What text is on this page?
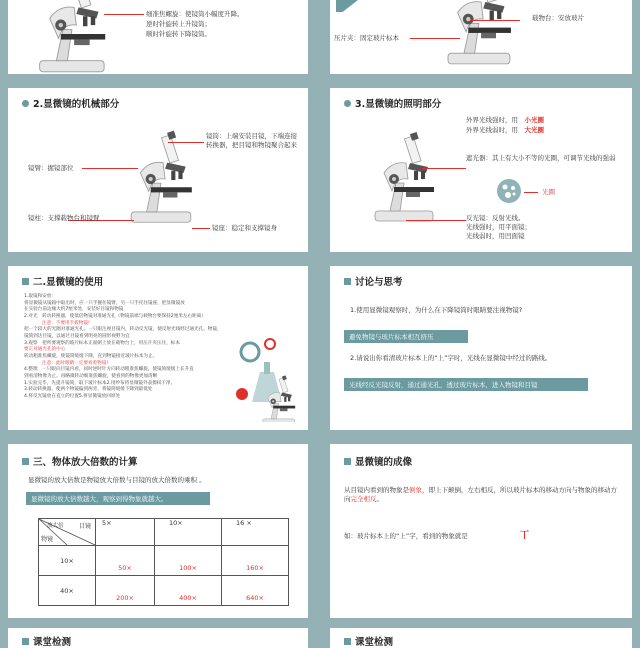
细准焦螺旋：使镜筒小幅度升降。
逆时针旋转上升镜筒；
顺时针旋转下降镜筒。
载物台：安放玻片
压片夹：固定玻片标本
2.显微镜的机械部分
镜筒：上端安装目镜，下端连接转换器，把目镜和物镜聚合起来
镜臂：握镜部位
镜柱：支撑载物台和镜臂
镜座：稳定和支撑镜身
3.显微镜的照明部分
外界光线强时，用　 小光圈
外界光线弱时，用　 大光圈
遮光器：其上有大小不等的光圈，可调节光线的强弱
光圈
反光镜：反射光线。
光线强时，用平面镜；
光线弱时，用凹面镜
二.显微镜的使用
1.取镜和安放:
将显微镜从镜箱中取出时，应一只手握住镜臂，另一只手托住镜座，把显微镜放
在实验台前边缘大约7厘米处，安装好目镜和物镜
2.对光　转动转换器，使低倍物镜对准通光孔（物镜前端与载物台要保持2厘米左右距离）
注意：不要用手扳物镜!
把一个较大的光圈对准通光孔。一只眼注视目镜内，转动反光镜，使反射光线经过通光孔、物镜，
镜筒到达目镜，以通过目镜看到明亮的圆形视野为宜
3.观察　把所要观察的玻片标本正面朝上放在载物台上，用压片夹压住，标本
要正对通光孔的中心
转动粗准焦螺旋，使镜筒缓缓下降，直到物镜接近玻片标本为止。
注意：此时眼睛一定要看着物镜!
4.整理　一只眼向目镜内看，同时逆时针方向转动粗准焦螺旋，使镜筒缓缓上长升直
到看清物像为止。再略微转动细准焦螺旋，使看到的物像更加清晰
1.实验完毕，先提升镜筒，取下玻片标本2.用纱布将显微镜外表擦拭干净。
3.转动转换器，使两个物镜偏到两旁，将镜筒缓缓下降到最低处
4.将反光镜放在直立的位置5.将显微镜放回原处
讨论与思考
1.使用显微镜观察时，为什么在下降镜筒时眼睛要注视物镜?
避免物镜与玻片标本相互挤压
2.请说出你看清玻片标本上的“上”字时，光线在显微镜中经过的路线。
光线经反光镜反射，通过通光孔，透过玻片标本，进入物镜和目镜
三、物体放大倍数的计算
显微镜的放大倍数是物镜放大倍数与目镜的放大倍数的乘积 。
显微镜的放大倍数越大，观察到得物象就越大。
目镜
放大倍
物镜	5×	10×	16 ×
10×	50×	100×	160×
40×	200×	400×	640×
显微镜的成像
从目镜内看到的物象是倒象，即上下颠倒，左右相反，所以玻片标本的移动方向与物象的移动方向完全相反。
如：玻片标本上的“上”字，看到的物象就是	丅
课堂检测	课堂检测
